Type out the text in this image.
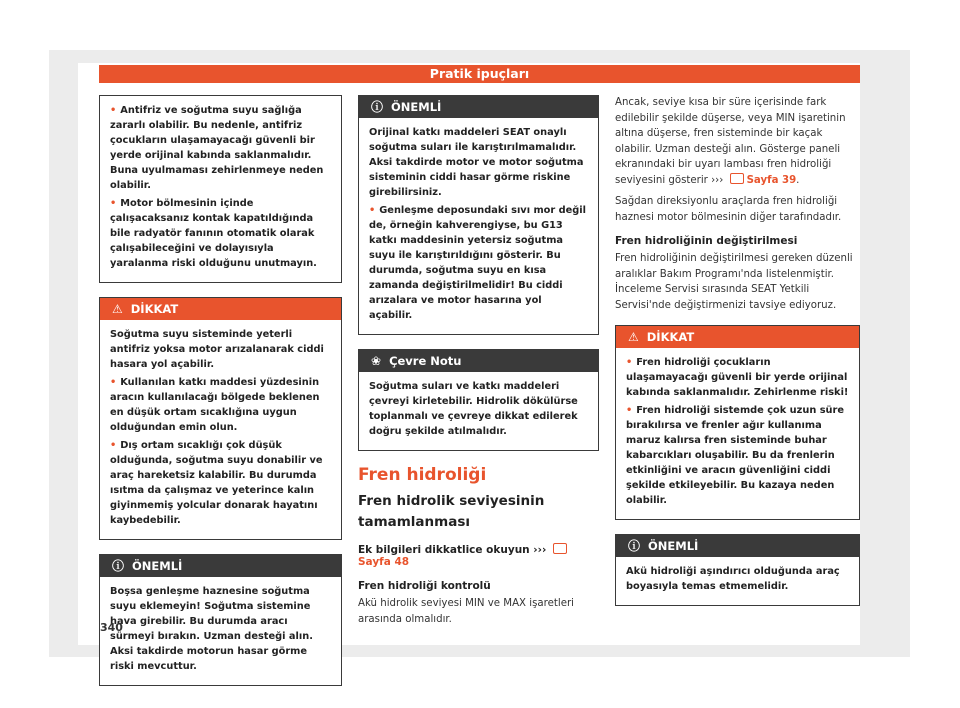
Pratik ipuçları

• Antifriz ve soğutma suyu sağlığa zararlı olabilir. Bu nedenle, antifriz çocukların ulaşamayacağı güvenli bir yerde orijinal kabında saklanmalıdır. Buna uyulmaması zehirlenmeye neden olabilir.

• Motor bölmesinin içinde çalışacaksanız kontak kapatıldığında bile radyatör fanının otomatik olarak çalışabileceğini ve dolayısıyla yaralanma riski olduğunu unutmayın.

⚠ DİKKAT

Soğutma suyu sisteminde yeterli antifriz yoksa motor arızalanarak ciddi hasara yol açabilir.

• Kullanılan katkı maddesi yüzdesinin aracın kullanılacağı bölgede beklenen en düşük ortam sıcaklığına uygun olduğundan emin olun.

• Dış ortam sıcaklığı çok düşük olduğunda, soğutma suyu donabilir ve araç hareketsiz kalabilir. Bu durumda ısıtma da çalışmaz ve yeterince kalın giyinmemiş yolcular donarak hayatını kaybedebilir.

ⓘ ÖNEMLİ

Boşsa genleşme haznesine soğutma suyu eklemeyin! Soğutma sistemine hava girebilir. Bu durumda aracı sürmeyi bırakın. Uzman desteği alın. Aksi takdirde motorun hasar görme riski mevcuttur.

ⓘ ÖNEMLİ

Orijinal katkı maddeleri SEAT onaylı soğutma suları ile karıştırılmamalıdır. Aksi takdirde motor ve motor soğutma sisteminin ciddi hasar görme riskine girebilirsiniz.

• Genleşme deposundaki sıvı mor değil de, örneğin kahverengiyse, bu G13 katkı maddesinin yetersiz soğutma suyu ile karıştırıldığını gösterir. Bu durumda, soğutma suyu en kısa zamanda değiştirilmelidir! Bu ciddi arızalara ve motor hasarına yol açabilir.

❀ Çevre Notu

Soğutma suları ve katkı maddeleri çevreyi kirletebilir. Hidrolik dökülürse toplanmalı ve çevreye dikkat edilerek doğru şekilde atılmalıdır.

Fren hidroliği
Fren hidrolik seviyesinin tamamlanması

Ek bilgileri dikkatlice okuyun ››› Sayfa 48

Fren hidroliği kontrolü

Akü hidrolik seviyesi MIN ve MAX işaretleri arasında olmalıdır.

Ancak, seviye kısa bir süre içerisinde fark edilebilir şekilde düşerse, veya MIN işaretinin altına düşerse, fren sisteminde bir kaçak olabilir. Uzman desteği alın. Gösterge paneli ekranındaki bir uyarı lambası fren hidroliği seviyesini gösterir ››› Sayfa 39.

Sağdan direksiyonlu araçlarda fren hidroliği haznesi motor bölmesinin diğer tarafındadır.

Fren hidroliğinin değiştirilmesi

Fren hidroliğinin değiştirilmesi gereken düzenli aralıklar Bakım Programı'nda listelenmiştir. İnceleme Servisi sırasında SEAT Yetkili Servisi'nde değiştirmenizi tavsiye ediyoruz.

⚠ DİKKAT

• Fren hidroliği çocukların ulaşamayacağı güvenli bir yerde orijinal kabında saklanmalıdır. Zehirlenme riski!

• Fren hidroliği sistemde çok uzun süre bırakılırsa ve frenler ağır kullanıma maruz kalırsa fren sisteminde buhar kabarcıkları oluşabilir. Bu da frenlerin etkinliğini ve aracın güvenliğini ciddi şekilde etkileyebilir. Bu kazaya neden olabilir.

ⓘ ÖNEMLİ

Akü hidroliği aşındırıcı olduğunda araç boyasıyla temas etmemelidir.

340
